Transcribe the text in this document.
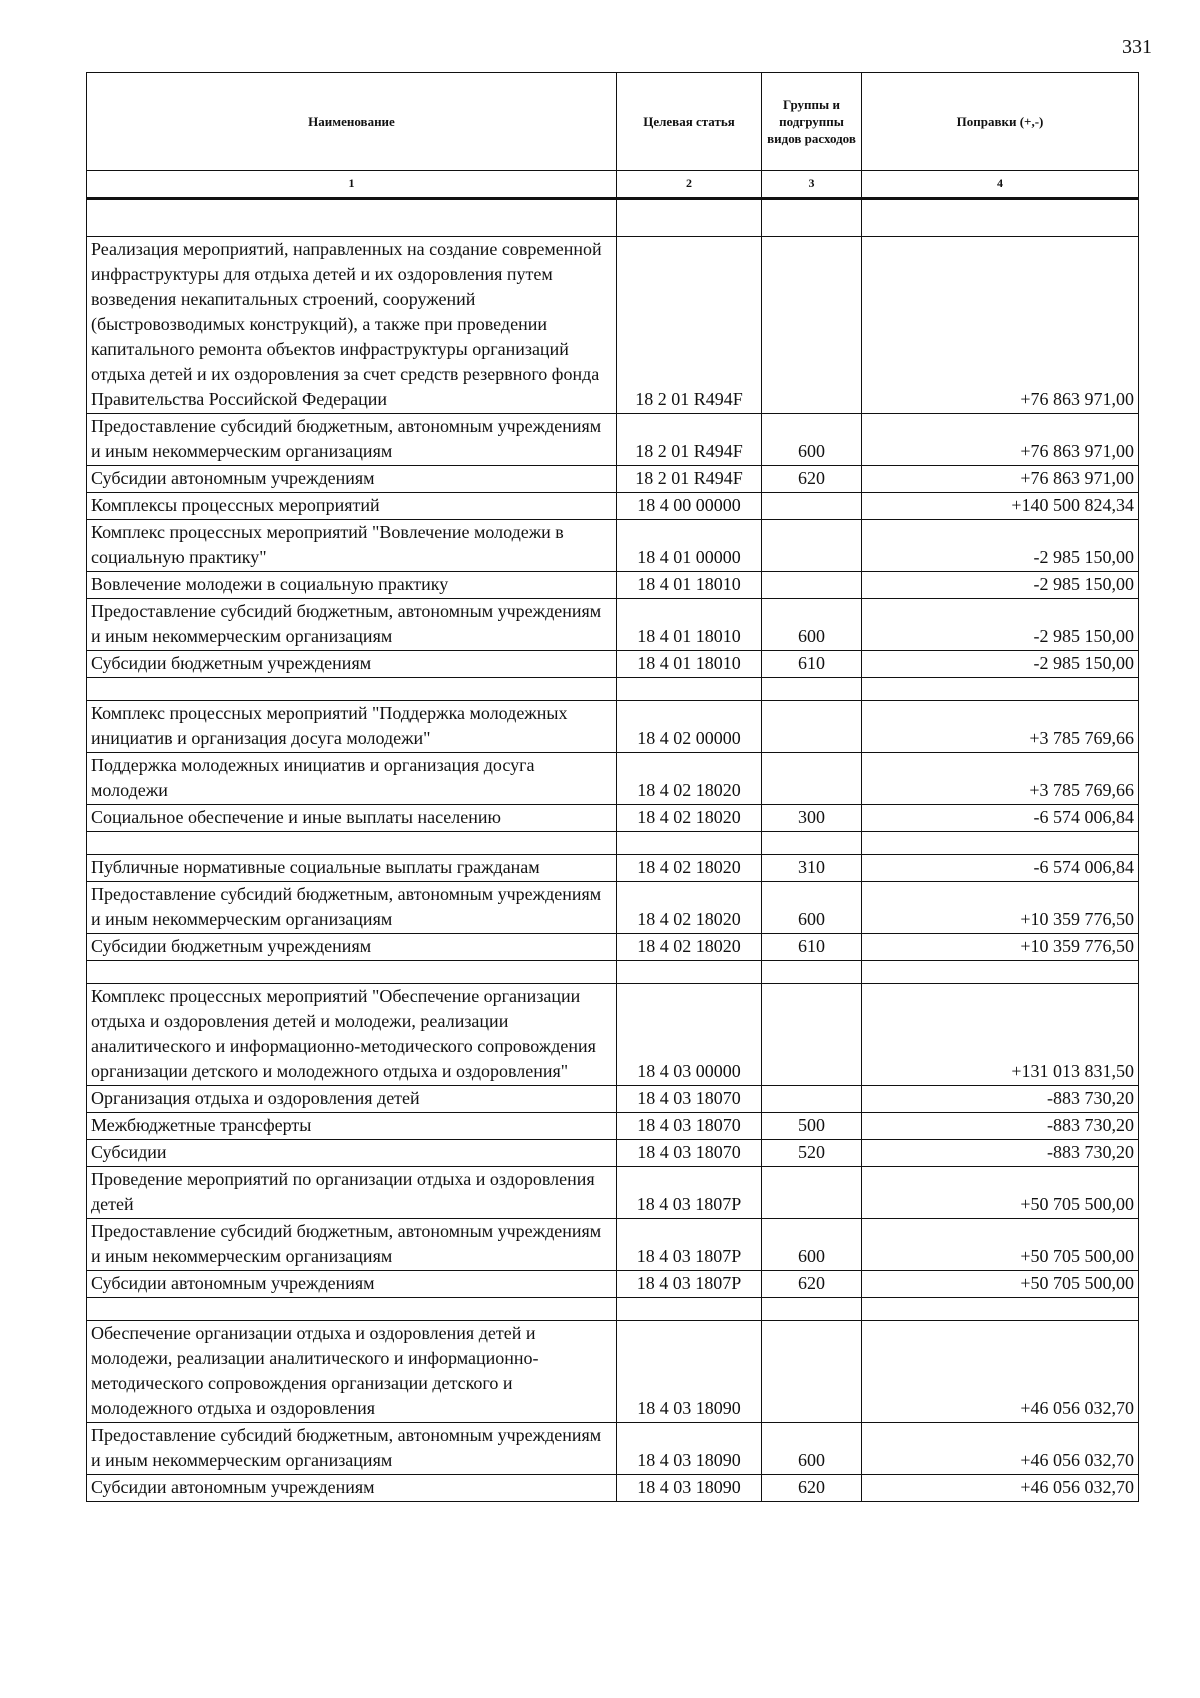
331
Наименование	Целевая статья	Группы и подгруппы видов расходов	Поправки (+,-)
1	2	3	4

Реализация мероприятий, направленных на создание современной инфраструктуры для отдыха детей и их оздоровления путем возведения некапитальных строений, сооружений (быстровозводимых конструкций), а также при проведении капитального ремонта объектов инфраструктуры организаций отдыха детей и их оздоровления за счет средств резервного фонда Правительства Российской Федерации	18 2 01 R494F		+76 863 971,00
Предоставление субсидий бюджетным, автономным учреждениям и иным некоммерческим организациям	18 2 01 R494F	600	+76 863 971,00
Субсидии автономным учреждениям	18 2 01 R494F	620	+76 863 971,00
Комплексы процессных мероприятий	18 4 00 00000		+140 500 824,34
Комплекс процессных мероприятий "Вовлечение молодежи в социальную практику"	18 4 01 00000		-2 985 150,00
Вовлечение молодежи в социальную практику	18 4 01 18010		-2 985 150,00
Предоставление субсидий бюджетным, автономным учреждениям и иным некоммерческим организациям	18 4 01 18010	600	-2 985 150,00
Субсидии бюджетным учреждениям	18 4 01 18010	610	-2 985 150,00

Комплекс процессных мероприятий "Поддержка молодежных инициатив и организация досуга молодежи"	18 4 02 00000		+3 785 769,66
Поддержка молодежных инициатив и организация досуга молодежи	18 4 02 18020		+3 785 769,66
Социальное обеспечение и иные выплаты населению	18 4 02 18020	300	-6 574 006,84

Публичные нормативные социальные выплаты гражданам	18 4 02 18020	310	-6 574 006,84
Предоставление субсидий бюджетным, автономным учреждениям и иным некоммерческим организациям	18 4 02 18020	600	+10 359 776,50
Субсидии бюджетным учреждениям	18 4 02 18020	610	+10 359 776,50

Комплекс процессных мероприятий "Обеспечение организации отдыха и оздоровления детей и молодежи, реализации аналитического и информационно-методического сопровождения организации детского и молодежного отдыха и оздоровления"	18 4 03 00000		+131 013 831,50
Организация отдыха и оздоровления детей	18 4 03 18070		-883 730,20
Межбюджетные трансферты	18 4 03 18070	500	-883 730,20
Субсидии	18 4 03 18070	520	-883 730,20
Проведение мероприятий по организации отдыха и оздоровления детей	18 4 03 1807P		+50 705 500,00
Предоставление субсидий бюджетным, автономным учреждениям и иным некоммерческим организациям	18 4 03 1807P	600	+50 705 500,00
Субсидии автономным учреждениям	18 4 03 1807P	620	+50 705 500,00

Обеспечение организации отдыха и оздоровления детей и молодежи, реализации аналитического и информационно-методического сопровождения организации детского и молодежного отдыха и оздоровления	18 4 03 18090		+46 056 032,70
Предоставление субсидий бюджетным, автономным учреждениям и иным некоммерческим организациям	18 4 03 18090	600	+46 056 032,70
Субсидии автономным учреждениям	18 4 03 18090	620	+46 056 032,70
